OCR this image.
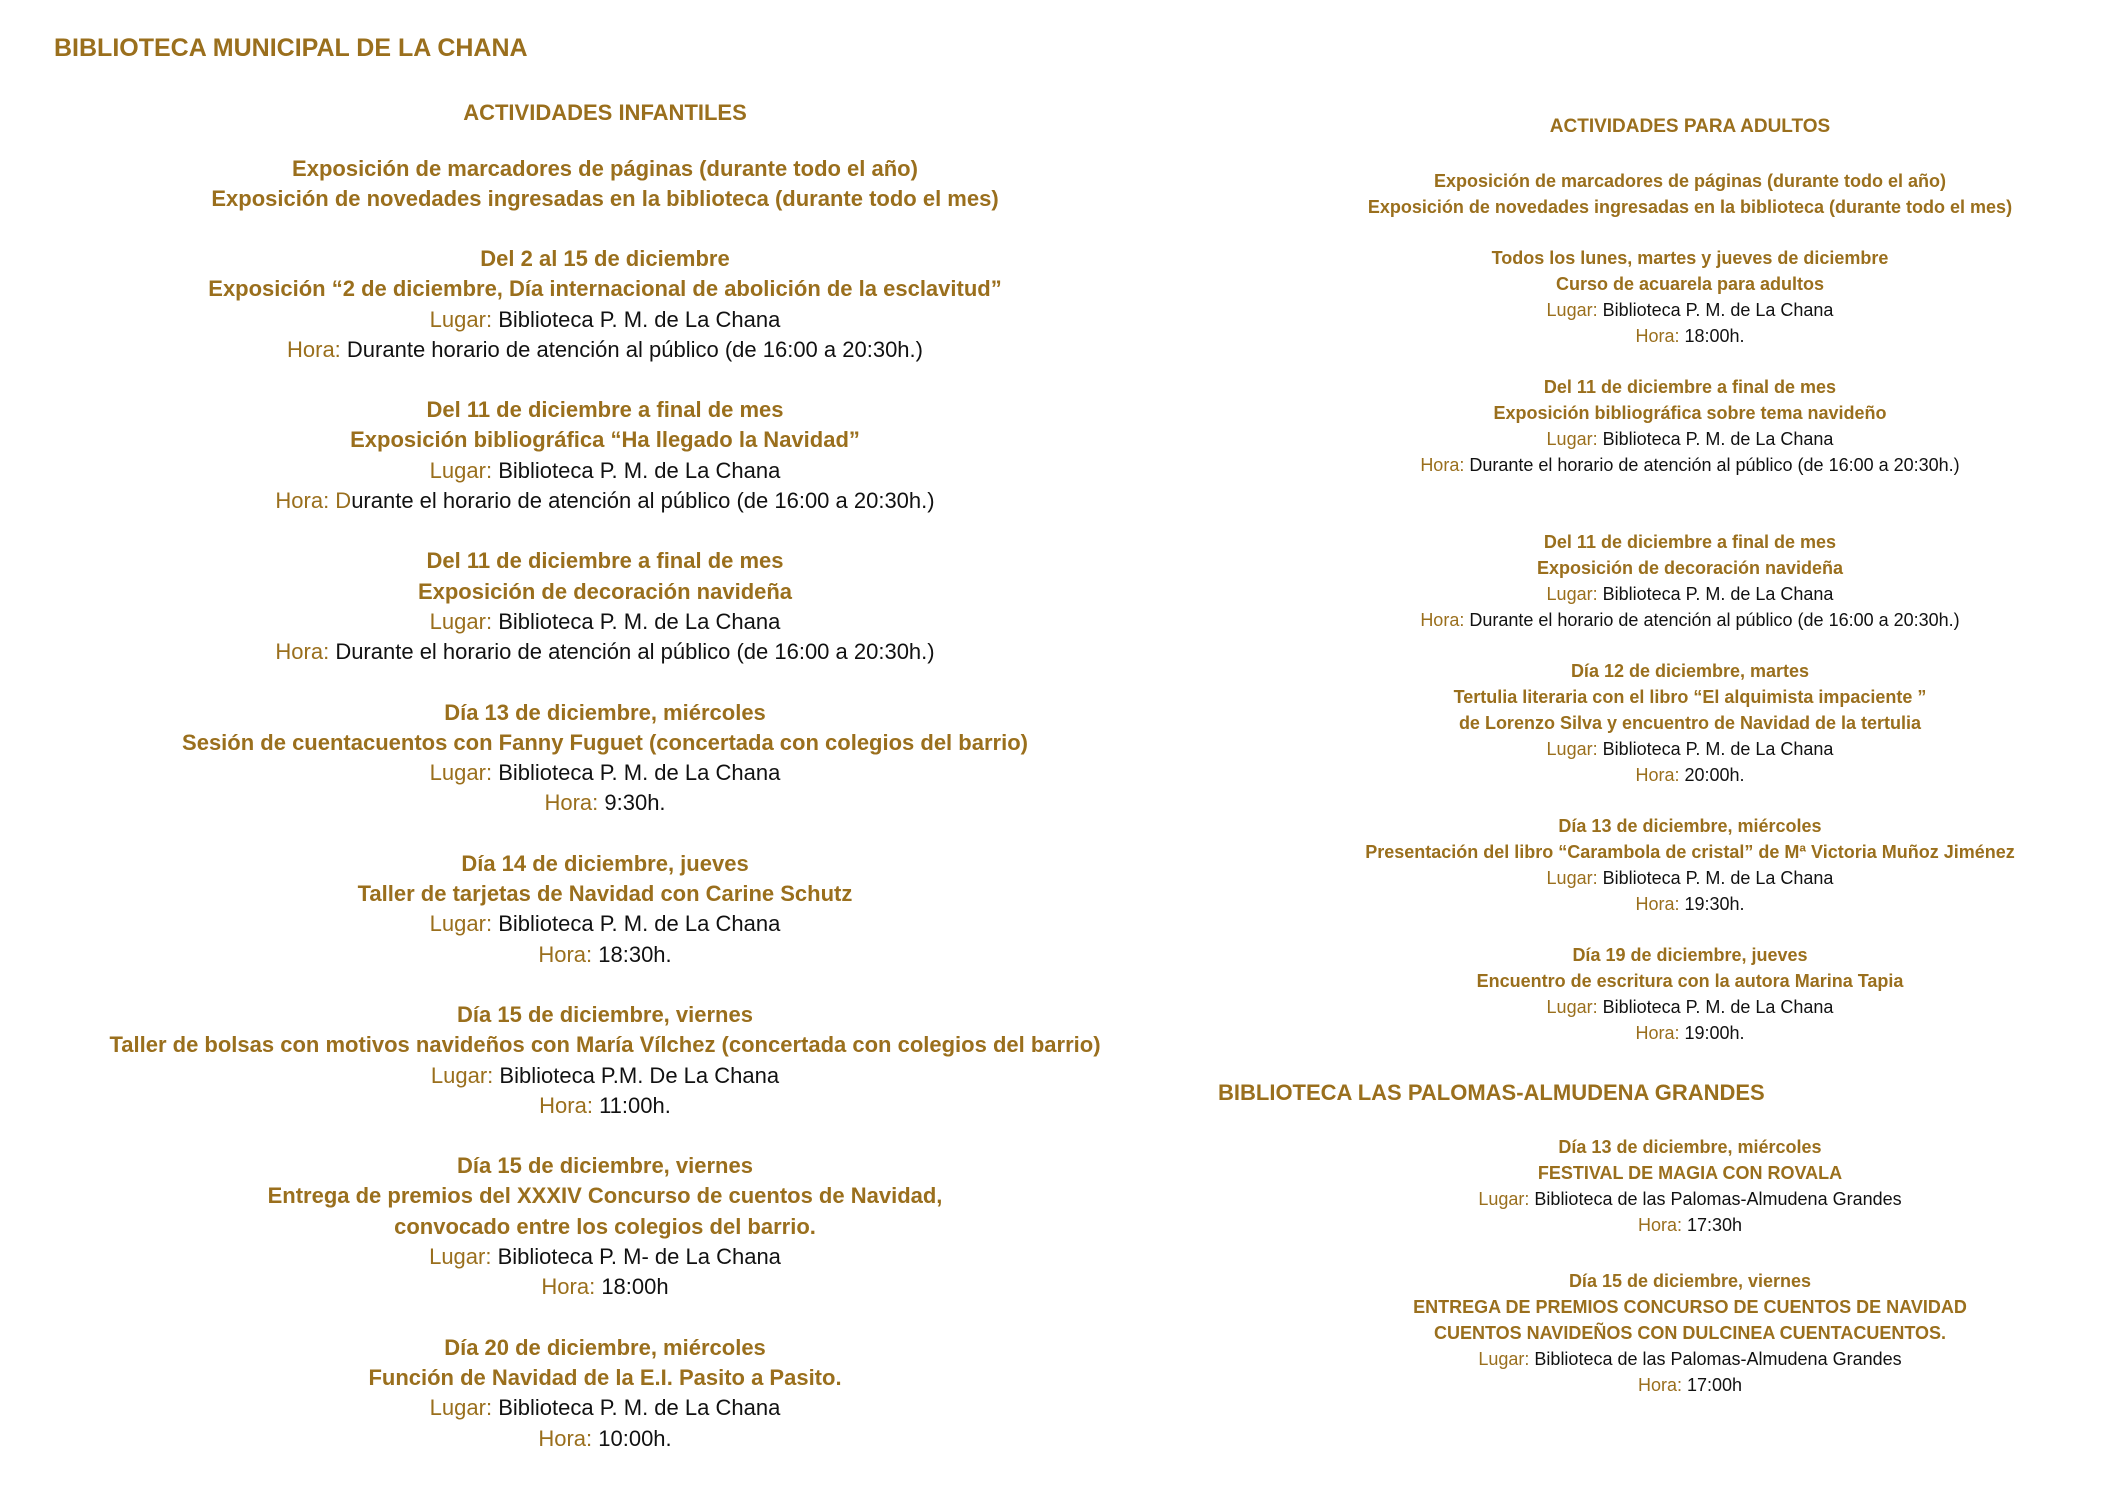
BIBLIOTECA MUNICIPAL DE LA CHANA
ACTIVIDADES INFANTILES
Exposición de marcadores de páginas (durante todo el año)
Exposición de novedades ingresadas en la biblioteca (durante todo el mes)
Del 2 al 15 de diciembre
Exposición “2 de diciembre, Día internacional de abolición de la esclavitud”
Lugar: Biblioteca P. M. de La Chana
Hora: Durante horario de atención al público (de 16:00 a 20:30h.)
Del 11 de diciembre a final de mes
Exposición bibliográfica “Ha llegado la Navidad”
Lugar: Biblioteca P. M. de La Chana
Hora: Durante el horario de atención al público (de 16:00 a 20:30h.)
Del 11 de diciembre a final de mes
Exposición de decoración navideña
Lugar: Biblioteca P. M. de La Chana
Hora: Durante el horario de atención al público (de 16:00 a 20:30h.)
Día 13 de diciembre, miércoles
Sesión de cuentacuentos con Fanny Fuguet (concertada con colegios del barrio)
Lugar: Biblioteca P. M. de La Chana
Hora: 9:30h.
Día 14 de diciembre, jueves
Taller de tarjetas de Navidad con Carine Schutz
Lugar: Biblioteca P. M. de La Chana
Hora: 18:30h.
Día 15 de diciembre, viernes
Taller de bolsas con motivos navideños con María Vílchez (concertada con colegios del barrio)
Lugar: Biblioteca P.M. De La Chana
Hora: 11:00h.
Día 15 de diciembre, viernes
Entrega de premios del XXXIV Concurso de cuentos de Navidad,
convocado entre los colegios del barrio.
Lugar: Biblioteca P. M- de La Chana
Hora: 18:00h
Día 20 de diciembre, miércoles
Función de Navidad de la E.I. Pasito a Pasito.
Lugar: Biblioteca P. M. de La Chana
Hora: 10:00h.
ACTIVIDADES PARA ADULTOS
Exposición de marcadores de páginas (durante todo el año)
Exposición de novedades ingresadas en la biblioteca (durante todo el mes)
Todos los lunes, martes y jueves de diciembre
Curso de acuarela para adultos
Lugar: Biblioteca P. M. de La Chana
Hora: 18:00h.
Del 11 de diciembre a final de mes
Exposición bibliográfica sobre tema navideño
Lugar: Biblioteca P. M. de La Chana
Hora: Durante el horario de atención al público (de 16:00 a 20:30h.)
Del 11 de diciembre a final de mes
Exposición de decoración navideña
Lugar: Biblioteca P. M. de La Chana
Hora: Durante el horario de atención al público (de 16:00 a 20:30h.)
Día 12 de diciembre, martes
Tertulia literaria con el libro “El alquimista impaciente ”
de Lorenzo Silva y encuentro de Navidad de la tertulia
Lugar: Biblioteca P. M. de La Chana
Hora: 20:00h.
Día 13 de diciembre, miércoles
Presentación del libro “Carambola de cristal” de Mª Victoria Muñoz Jiménez
Lugar: Biblioteca P. M. de La Chana
Hora: 19:30h.
Día 19 de diciembre, jueves
Encuentro de escritura con la autora Marina Tapia
Lugar: Biblioteca P. M. de La Chana
Hora: 19:00h.
BIBLIOTECA LAS PALOMAS-ALMUDENA GRANDES
Día 13 de diciembre, miércoles
FESTIVAL DE MAGIA CON ROVALA
Lugar: Biblioteca de las Palomas-Almudena Grandes
Hora: 17:30h
Día 15 de diciembre, viernes
ENTREGA DE PREMIOS CONCURSO DE CUENTOS DE NAVIDAD
CUENTOS NAVIDEÑOS CON DULCINEA CUENTACUENTOS.
Lugar: Biblioteca de las Palomas-Almudena Grandes
Hora: 17:00h
